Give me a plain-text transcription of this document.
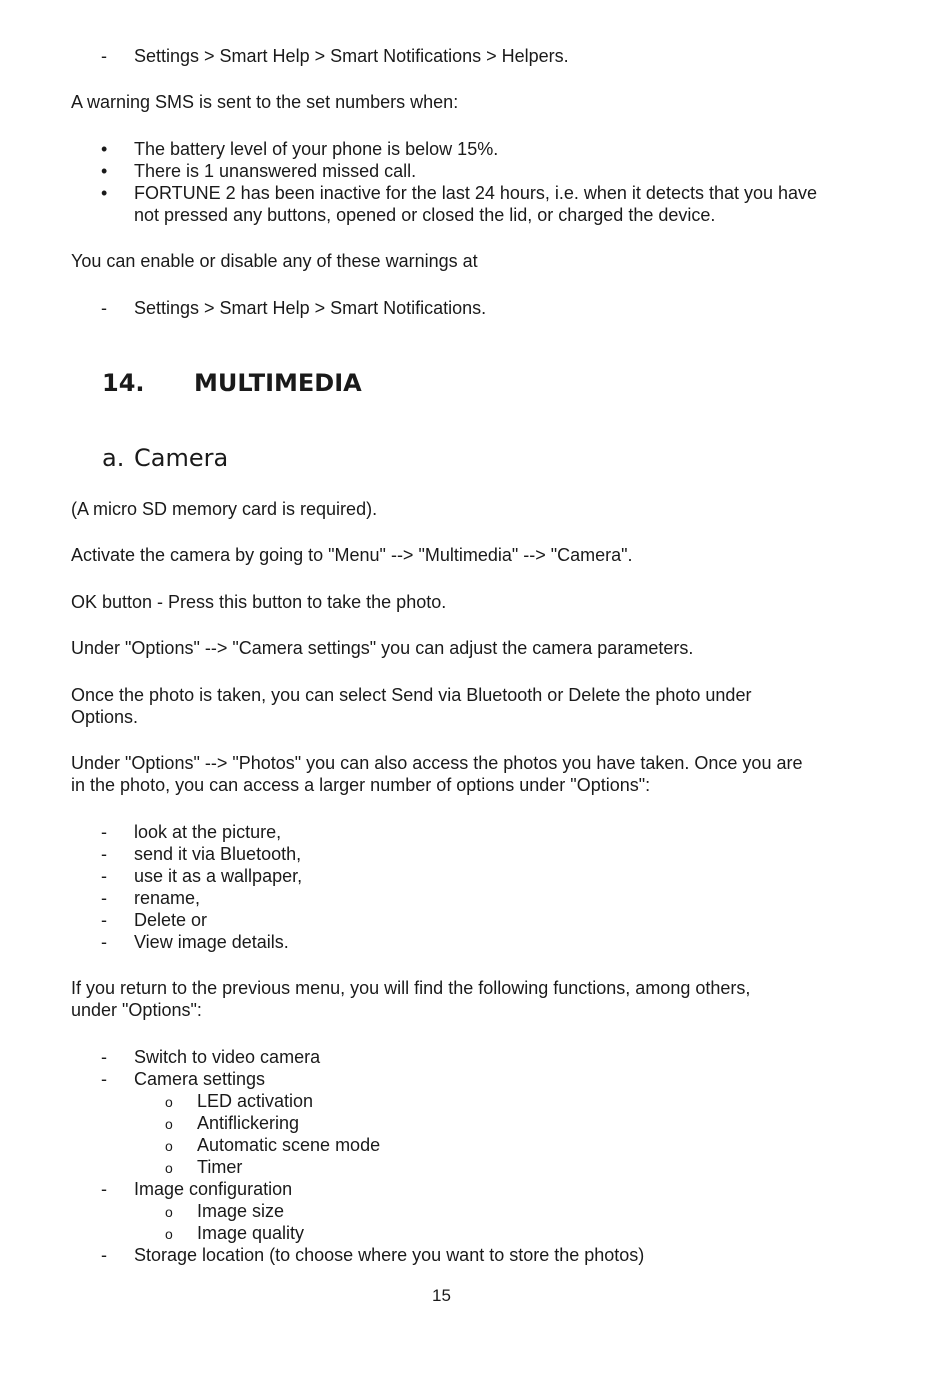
- Settings > Smart Help > Smart Notifications > Helpers.
A warning SMS is sent to the set numbers when:
• The battery level of your phone is below 15%.
• There is 1 unanswered missed call.
• FORTUNE 2 has been inactive for the last 24 hours, i.e. when it detects that you have
not pressed any buttons, opened or closed the lid, or charged the device.
You can enable or disable any of these warnings at
- Settings > Smart Help > Smart Notifications.
14. MULTIMEDIA
a. Camera
(A micro SD memory card is required).
Activate the camera by going to "Menu" --> "Multimedia" --> "Camera".
OK button - Press this button to take the photo.
Under "Options" --> "Camera settings" you can adjust the camera parameters.
Once the photo is taken, you can select Send via Bluetooth or Delete the photo under
Options.
Under "Options" --> "Photos" you can also access the photos you have taken. Once you are
in the photo, you can access a larger number of options under "Options":
- look at the picture,
- send it via Bluetooth,
- use it as a wallpaper,
- rename,
- Delete or
- View image details.
If you return to the previous menu, you will find the following functions, among others,
under "Options":
- Switch to video camera
- Camera settings
o LED activation
o Antiflickering
o Automatic scene mode
o Timer
- Image configuration
o Image size
o Image quality
- Storage location (to choose where you want to store the photos)
15
